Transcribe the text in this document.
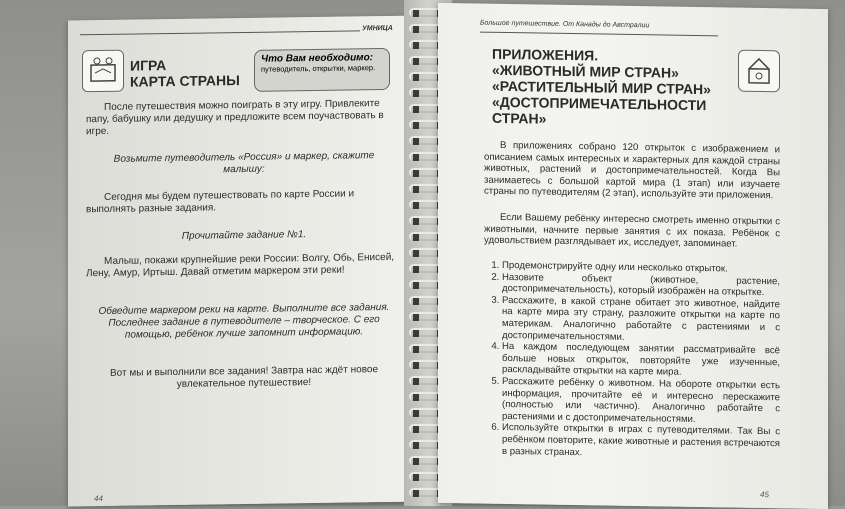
УМНИЦА
ИГРА
КАРТА СТРАНЫ
Что Вам необходимо:
путеводитель, открытки, маркер.
После путешествия можно поиграть в эту игру. Привлеките папу, бабушку или дедушку и предложите всем поучаствовать в игре.
Возьмите путеводитель «Россия» и маркер, скажите малышу:
Сегодня мы будем путешествовать по карте России и выполнять разные задания.
Прочитайте задание №1.
Малыш, покажи крупнейшие реки России: Волгу, Обь, Енисей, Лену, Амур, Иртыш. Давай отметим маркером эти реки!
Обведите маркером реки на карте. Выполните все задания. Последнее задание в путеводителе – творческое. С его помощью, ребёнок лучше запомнит информацию.
Вот мы и выполнили все задания! Завтра нас ждёт новое увлекательное путешествие!
44
Большое путешествие. От Канады до Австралии
ПРИЛОЖЕНИЯ.
«ЖИВОТНЫЙ МИР СТРАН»
«РАСТИТЕЛЬНЫЙ МИР СТРАН»
«ДОСТОПРИМЕЧАТЕЛЬНОСТИ
СТРАН»
В приложениях собрано 120 открыток с изображением и описанием самых интересных и характерных для каждой страны животных, растений и достопримечательностей. Когда Вы занимаетесь с большой картой мира (1 этап) или изучаете страны по путеводителям (2 этап), используйте эти приложения.
Если Вашему ребёнку интересно смотреть именно открытки с животными, начните первые занятия с их показа. Ребёнок с удовольствием разглядывает их, исследует, запоминает.
1. Продемонстрируйте одну или несколько открыток.
2. Назовите объект (животное, растение, достопримечательность), который изображён на открытке.
3. Расскажите, в какой стране обитает это животное, найдите на карте мира эту страну, разложите открытки на карте по материкам. Аналогично работайте с растениями и с достопримечательностями.
4. На каждом последующем занятии рассматривайте всё больше новых открыток, повторяйте уже изученные, раскладывайте открытки на карте мира.
5. Расскажите ребёнку о животном. На обороте открытки есть информация, прочитайте её и интересно перескажите (полностью или частично). Аналогично работайте с растениями и с достопримечательностями.
6. Используйте открытки в играх с путеводителями. Так Вы с ребёнком повторите, какие животные и растения встречаются в разных странах.
45
